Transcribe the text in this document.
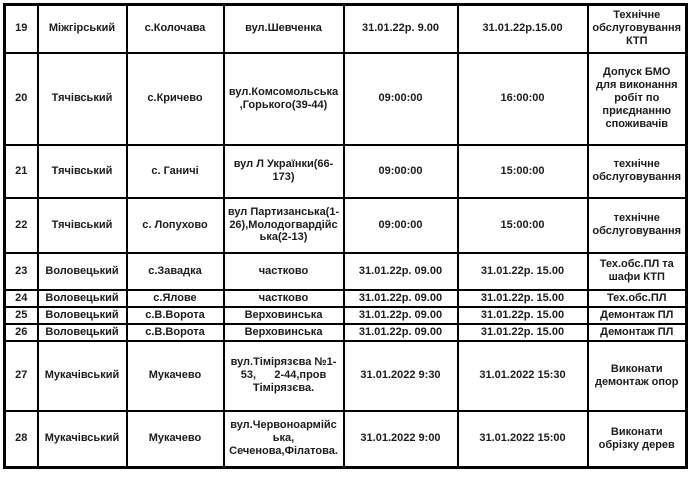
19	Міжгірський	с.Колочава	вул.Шевченка	31.01.22р. 9.00	31.01.22р.15.00	Технічне обслуговування КТП
20	Тячівський	с.Кричево	вул.Комсомольська ,Горького(39-44)	09:00:00	16:00:00	Допуск БМО для виконання робіт по приєднанню споживачів
21	Тячівський	с. Ганичі	вул Л Українки(66-173)	09:00:00	15:00:00	технічне обслуговування
22	Тячівський	с. Лопухово	вул Партизанська(1-26),Молодогвардійська(2-13)	09:00:00	15:00:00	технічне обслуговування
23	Воловецький	с.Завадка	частково	31.01.22р. 09.00	31.01.22р. 15.00	Тех.обс.ПЛ та шафи КТП
24	Воловецький	с.Ялове	частково	31.01.22р. 09.00	31.01.22р. 15.00	Тех.обс.ПЛ
25	Воловецький	с.В.Ворота	Верховинська	31.01.22р. 09.00	31.01.22р. 15.00	Демонтаж ПЛ
26	Воловецький	с.В.Ворота	Верховинська	31.01.22р. 09.00	31.01.22р. 15.00	Демонтаж ПЛ
27	Мукачівський	Мукачево	вул.Тімірязєва №1-53,      2-44,пров Тімірязєва.	31.01.2022 9:30	31.01.2022 15:30	Виконати демонтаж опор
28	Мукачівський	Мукачево	вул.Червоноармійська, Сеченова,Філатова.	31.01.2022 9:00	31.01.2022 15:00	Виконати обрізку дерев
